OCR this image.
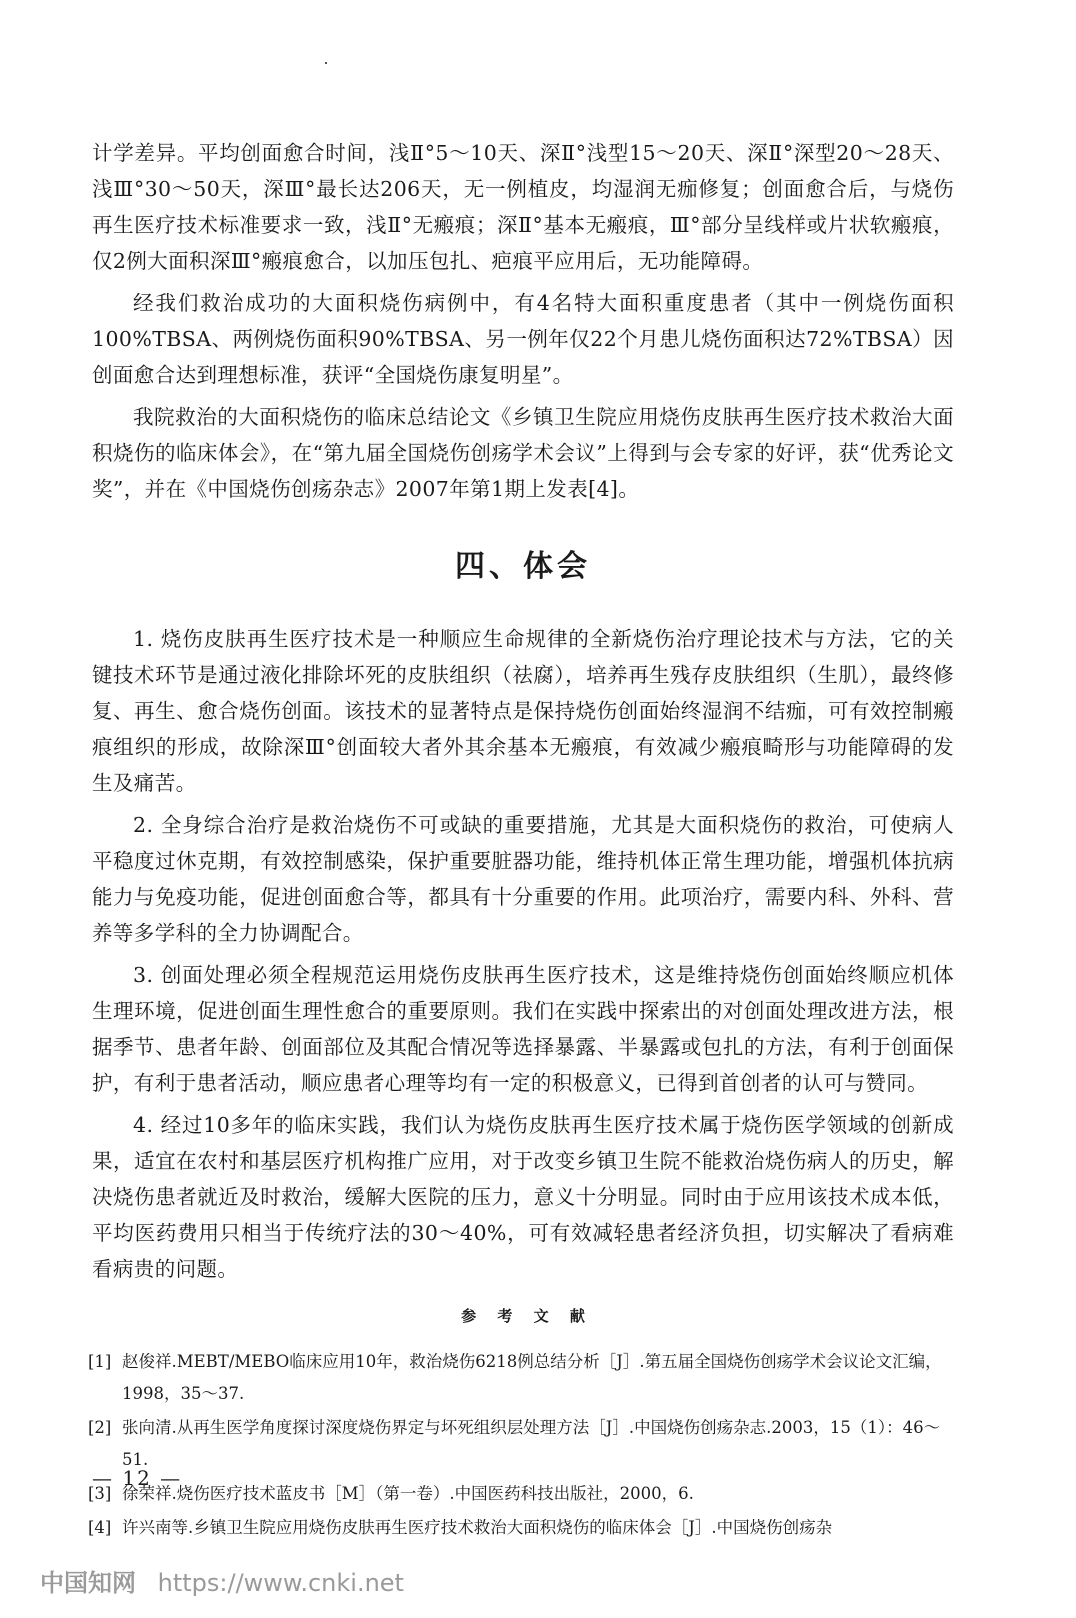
计学差异。平均创面愈合时间，浅Ⅱ°5～10天、深Ⅱ°浅型15～20天、深Ⅱ°深型20～28天、浅Ⅲ°30～50天，深Ⅲ°最长达206天，无一例植皮，均湿润无痂修复；创面愈合后，与烧伤再生医疗技术标准要求一致，浅Ⅱ°无瘢痕；深Ⅱ°基本无瘢痕，Ⅲ°部分呈线样或片状软瘢痕，仅2例大面积深Ⅲ°瘢痕愈合，以加压包扎、疤痕平应用后，无功能障碍。

经我们救治成功的大面积烧伤病例中，有4名特大面积重度患者（其中一例烧伤面积100%TBSA、两例烧伤面积90%TBSA、另一例年仅22个月患儿烧伤面积达72%TBSA）因创面愈合达到理想标准，获评“全国烧伤康复明星”。

我院救治的大面积烧伤的临床总结论文《乡镇卫生院应用烧伤皮肤再生医疗技术救治大面积烧伤的临床体会》，在“第九届全国烧伤创疡学术会议”上得到与会专家的好评，获“优秀论文奖”，并在《中国烧伤创疡杂志》2007年第1期上发表[4]。

四、体会

1. 烧伤皮肤再生医疗技术是一种顺应生命规律的全新烧伤治疗理论技术与方法，它的关键技术环节是通过液化排除坏死的皮肤组织（祛腐），培养再生残存皮肤组织（生肌），最终修复、再生、愈合烧伤创面。该技术的显著特点是保持烧伤创面始终湿润不结痂，可有效控制瘢痕组织的形成，故除深Ⅲ°创面较大者外其余基本无瘢痕，有效减少瘢痕畸形与功能障碍的发生及痛苦。

2. 全身综合治疗是救治烧伤不可或缺的重要措施，尤其是大面积烧伤的救治，可使病人平稳度过休克期，有效控制感染，保护重要脏器功能，维持机体正常生理功能，增强机体抗病能力与免疫功能，促进创面愈合等，都具有十分重要的作用。此项治疗，需要内科、外科、营养等多学科的全力协调配合。

3. 创面处理必须全程规范运用烧伤皮肤再生医疗技术，这是维持烧伤创面始终顺应机体生理环境，促进创面生理性愈合的重要原则。我们在实践中探索出的对创面处理改进方法，根据季节、患者年龄、创面部位及其配合情况等选择暴露、半暴露或包扎的方法，有利于创面保护，有利于患者活动，顺应患者心理等均有一定的积极意义，已得到首创者的认可与赞同。

4. 经过10多年的临床实践，我们认为烧伤皮肤再生医疗技术属于烧伤医学领域的创新成果，适宜在农村和基层医疗机构推广应用，对于改变乡镇卫生院不能救治烧伤病人的历史，解决烧伤患者就近及时救治，缓解大医院的压力，意义十分明显。同时由于应用该技术成本低，平均医药费用只相当于传统疗法的30～40%，可有效减轻患者经济负担，切实解决了看病难看病贵的问题。

参 考 文 献
[1] 赵俊祥.MEBT/MEBO临床应用10年，救治烧伤6218例总结分析［J］.第五届全国烧伤创疡学术会议论文汇编，1998，35～37.
[2] 张向清.从再生医学角度探讨深度烧伤界定与坏死组织层处理方法［J］.中国烧伤创疡杂志.2003，15（1）：46～51.
[3] 徐荣祥.烧伤医疗技术蓝皮书［M］（第一卷）.中国医药科技出版社，2000，6.
[4] 许兴南等.乡镇卫生院应用烧伤皮肤再生医疗技术救治大面积烧伤的临床体会［J］.中国烧伤创疡杂
— 12 —
中国知网 https://www.cnki.net
